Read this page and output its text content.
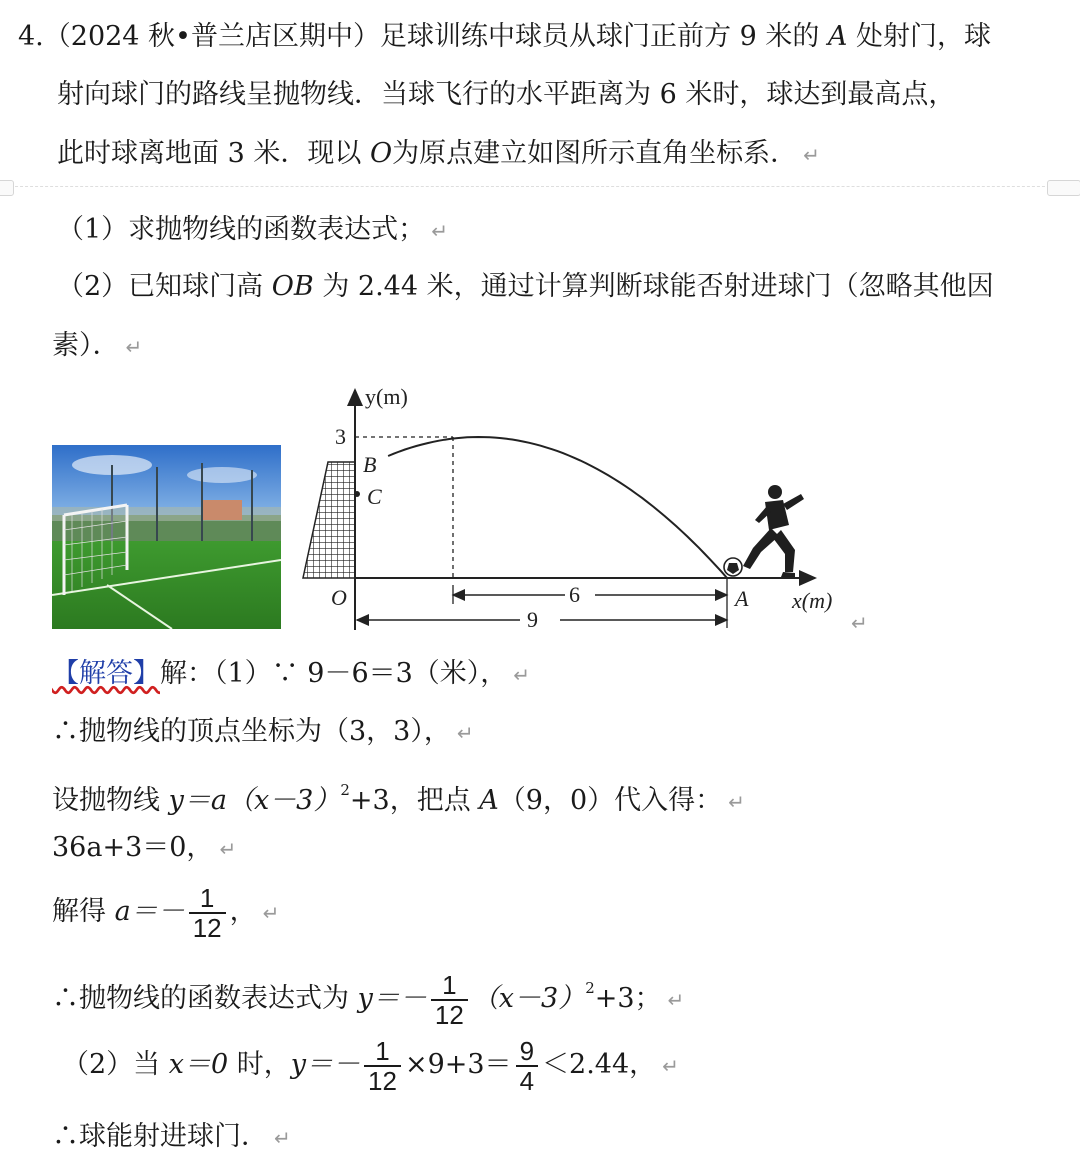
4.（2024 秋•普兰店区期中）足球训练中球员从球门正前方 9 米的 A 处射门，球
射向球门的路线呈抛物线．当球飞行的水平距离为 6 米时，球达到最高点，
此时球离地面 3 米．现以 O为原点建立如图所示直角坐标系． ↵
（1）求抛物线的函数表达式； ↵
（2）已知球门高 OB 为 2.44 米，通过计算判断球能否射进球门（忽略其他因
素）． ↵
y(m)
x(m)
3
B
C
O	A
6
9	↵
【解答】解：（1）∵ 9－6＝3（米）， ↵
∴抛物线的顶点坐标为（3，3）， ↵
设抛物线 $y=a(x-3)^2+3$，把点 A（9，0）代入得： ↵
36a+3＝0， ↵
解得 $a=- \frac{1}{12}$ ， ↵
∴抛物线的函数表达式为 $y=- \frac{1}{12} (x-3)^2+3$； ↵
（2）当 x＝0 时，$y=- \frac{1}{12} \times 9+3= \frac{9}{4} <2.44$， ↵
∴球能射进球门． ↵
